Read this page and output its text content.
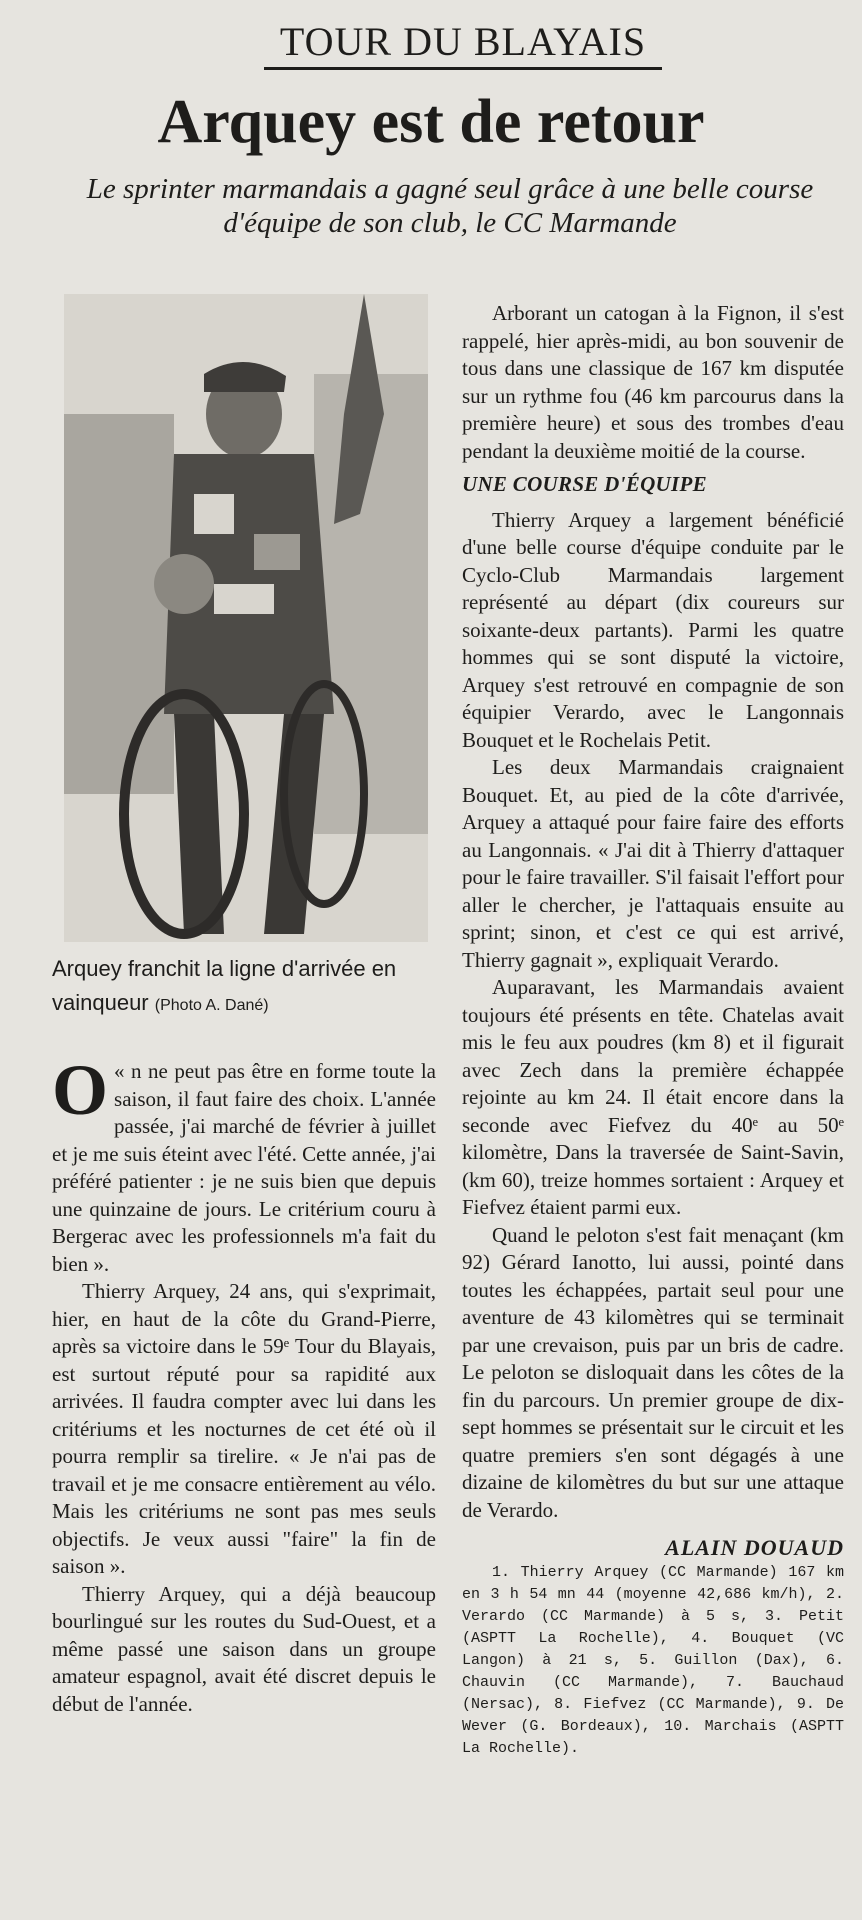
TOUR DU BLAYAIS
Arquey est de retour
Le sprinter marmandais a gagné seul grâce à une belle course d'équipe de son club, le CC Marmande
Arquey franchit la ligne d'arrivée en vainqueur (Photo A. Dané)

«
O n ne peut pas être en forme toute la saison, il faut faire des choix. L'année passée, j'ai marché de février à juillet et je me suis éteint avec l'été. Cette année, j'ai préféré patienter : je ne suis bien que depuis une quinzaine de jours. Le critérium couru à Bergerac avec les professionnels m'a fait du bien ».

Thierry Arquey, 24 ans, qui s'exprimait, hier, en haut de la côte du Grand-Pierre, après sa victoire dans le 59ᵉ Tour du Blayais, est surtout réputé pour sa rapidité aux arrivées. Il faudra compter avec lui dans les critériums et les nocturnes de cet été où il pourra remplir sa tirelire. « Je n'ai pas de travail et je me consacre entièrement au vélo. Mais les critériums ne sont pas mes seuls objectifs. Je veux aussi "faire" la fin de saison ».

Thierry Arquey, qui a déjà beaucoup bourlingué sur les routes du Sud-Ouest, et a même passé une saison dans un groupe amateur espagnol, avait été discret depuis le début de l'année.

Arborant un catogan à la Fignon, il s'est rappelé, hier après-midi, au bon souvenir de tous dans une classique de 167 km disputée sur un rythme fou (46 km parcourus dans la première heure) et sous des trombes d'eau pendant la deuxième moitié de la course.

UNE COURSE D'ÉQUIPE

Thierry Arquey a largement bénéficié d'une belle course d'équipe conduite par le Cyclo-Club Marmandais largement représenté au départ (dix coureurs sur soixante-deux partants). Parmi les quatre hommes qui se sont disputé la victoire, Arquey s'est retrouvé en compagnie de son équipier Verardo, avec le Langonnais Bouquet et le Rochelais Petit.

Les deux Marmandais craignaient Bouquet. Et, au pied de la côte d'arrivée, Arquey a attaqué pour faire faire des efforts au Langonnais. « J'ai dit à Thierry d'attaquer pour le faire travailler. S'il faisait l'effort pour aller le chercher, je l'attaquais ensuite au sprint; sinon, et c'est ce qui est arrivé, Thierry gagnait », expliquait Verardo.

Auparavant, les Marmandais avaient toujours été présents en tête. Chatelas avait mis le feu aux poudres (km 8) et il figurait avec Zech dans la première échappée rejointe au km 24. Il était encore dans la seconde avec Fiefvez du 40ᵉ au 50ᵉ kilomètre, Dans la traversée de Saint-Savin, (km 60), treize hommes sortaient : Arquey et Fiefvez étaient parmi eux.

Quand le peloton s'est fait menaçant (km 92) Gérard Ianotto, lui aussi, pointé dans toutes les échappées, partait seul pour une aventure de 43 kilomètres qui se terminait par une crevaison, puis par un bris de cadre. Le peloton se disloquait dans les côtes de la fin du parcours. Un premier groupe de dix-sept hommes se présentait sur le circuit et les quatre premiers s'en sont dégagés à une dizaine de kilomètres du but sur une attaque de Verardo.

ALAIN DOUAUD

1. Thierry Arquey (CC Marmande) 167 km en 3 h 54 mn 44 (moyenne 42,686 km/h), 2. Verardo (CC Marmande) à 5 s, 3. Petit (ASPTT La Rochelle), 4. Bouquet (VC Langon) à 21 s, 5. Guillon (Dax), 6. Chauvin (CC Marmande), 7. Bauchaud (Nersac), 8. Fiefvez (CC Marmande), 9. De Wever (G. Bordeaux), 10. Marchais (ASPTT La Rochelle).
